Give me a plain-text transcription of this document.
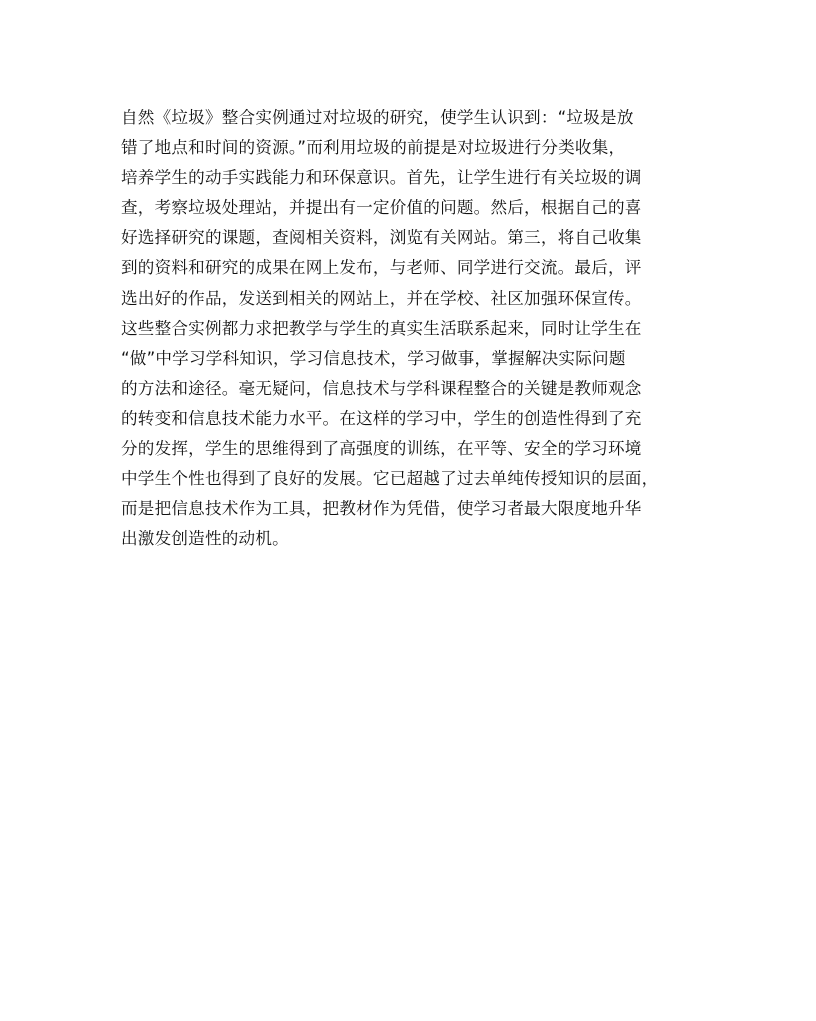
自然《垃圾》整合实例通过对垃圾的研究，使学生认识到：“垃圾是放
错了地点和时间的资源。”而利用垃圾的前提是对垃圾进行分类收集，
培养学生的动手实践能力和环保意识。首先，让学生进行有关垃圾的调
查，考察垃圾处理站，并提出有一定价值的问题。然后，根据自己的喜
好选择研究的课题，查阅相关资料，浏览有关网站。第三，将自己收集
到的资料和研究的成果在网上发布，与老师、同学进行交流。最后，评
选出好的作品，发送到相关的网站上，并在学校、社区加强环保宣传。
这些整合实例都力求把教学与学生的真实生活联系起来，同时让学生在
“做”中学习学科知识，学习信息技术，学习做事，掌握解决实际问题
的方法和途径。毫无疑问，信息技术与学科课程整合的关键是教师观念
的转变和信息技术能力水平。在这样的学习中，学生的创造性得到了充
分的发挥，学生的思维得到了高强度的训练，在平等、安全的学习环境
中学生个性也得到了良好的发展。它已超越了过去单纯传授知识的层面，
而是把信息技术作为工具，把教材作为凭借，使学习者最大限度地升华
出激发创造性的动机。
